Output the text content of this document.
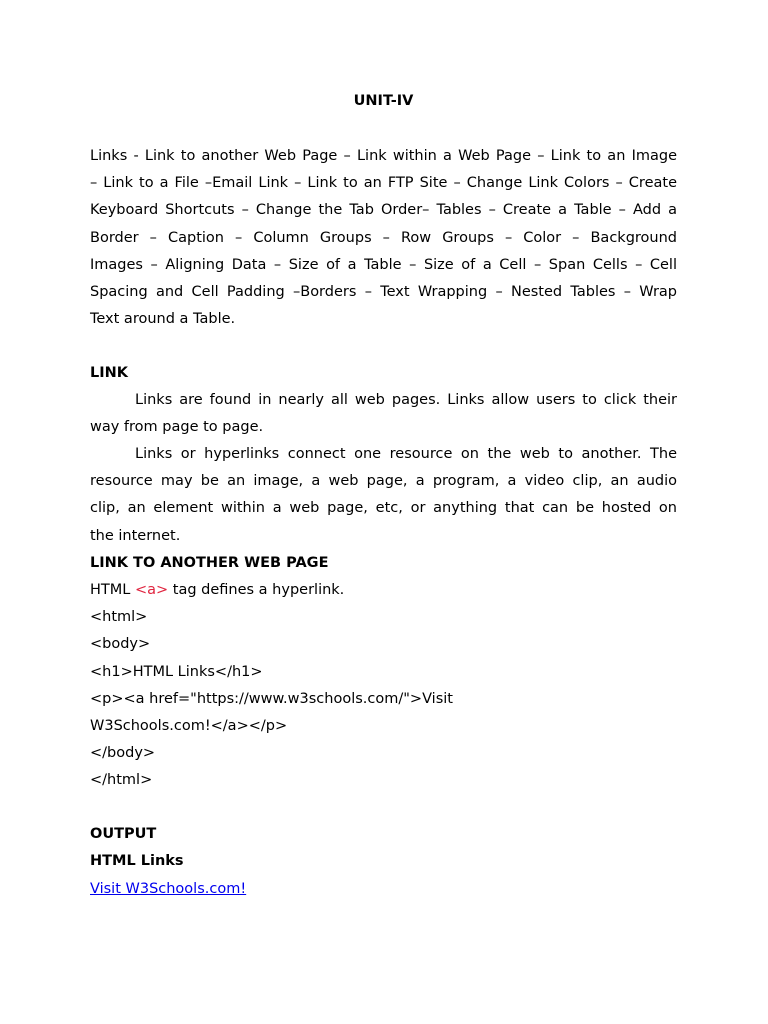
UNIT-IV
Links - Link to another Web Page – Link within a Web Page – Link to an Image
– Link to a File –Email Link – Link to an FTP Site – Change Link Colors – Create
Keyboard Shortcuts – Change the Tab Order– Tables – Create a Table – Add a
Border – Caption – Column Groups – Row Groups – Color – Background
Images – Aligning Data – Size of a Table – Size of a Cell – Span Cells – Cell
Spacing and Cell Padding –Borders – Text Wrapping – Nested Tables – Wrap
Text around a Table.
LINK
Links are found in nearly all web pages. Links allow users to click their
way from page to page.
Links or hyperlinks connect one resource on the web to another. The
resource may be an image, a web page, a program, a video clip, an audio
clip, an element within a web page, etc, or anything that can be hosted on
the internet.
LINK TO ANOTHER WEB PAGE
HTML <a> tag defines a hyperlink.
<html>
<body>
<h1>HTML Links</h1>
<p><a href="https://www.w3schools.com/">Visit
W3Schools.com!</a></p>
</body>
</html>
OUTPUT
HTML Links
Visit W3Schools.com!
